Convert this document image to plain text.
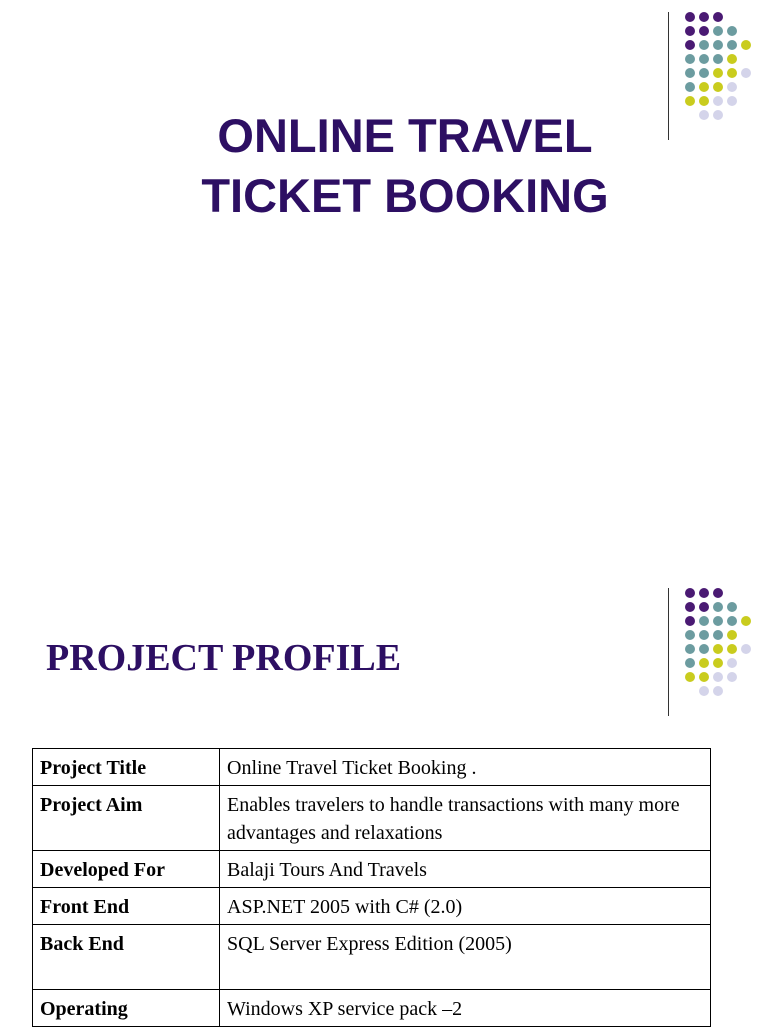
ONLINE TRAVEL
TICKET BOOKING
PROJECT PROFILE
Project Title	Online Travel Ticket Booking .
Project Aim	Enables travelers to handle transactions with many more advantages and relaxations
Developed For	Balaji Tours And Travels
Front End	ASP.NET 2005 with C# (2.0)
Back End	SQL Server Express Edition (2005)
Operating	Windows XP service pack –2
